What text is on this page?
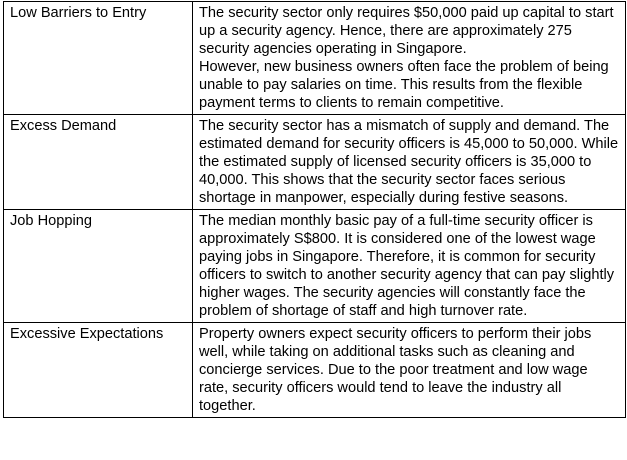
Low Barriers to Entry	The security sector only requires $50,000 paid up capital to start up a security agency. Hence, there are approximately 275 security agencies operating in Singapore.
However, new business owners often face the problem of being unable to pay salaries on time. This results from the flexible payment terms to clients to remain competitive.

Excess Demand	The security sector has a mismatch of supply and demand. The estimated demand for security officers is 45,000 to 50,000. While the estimated supply of licensed security officers is 35,000 to 40,000. This shows that the security sector faces serious shortage in manpower, especially during festive seasons.

Job Hopping	The median monthly basic pay of a full-time security officer is approximately S$800. It is considered one of the lowest wage paying jobs in Singapore. Therefore, it is common for security officers to switch to another security agency that can pay slightly higher wages. The security agencies will constantly face the problem of shortage of staff and high turnover rate.

Excessive Expectations	Property owners expect security officers to perform their jobs well, while taking on additional tasks such as cleaning and concierge services. Due to the poor treatment and low wage rate, security officers would tend to leave the industry all together.
